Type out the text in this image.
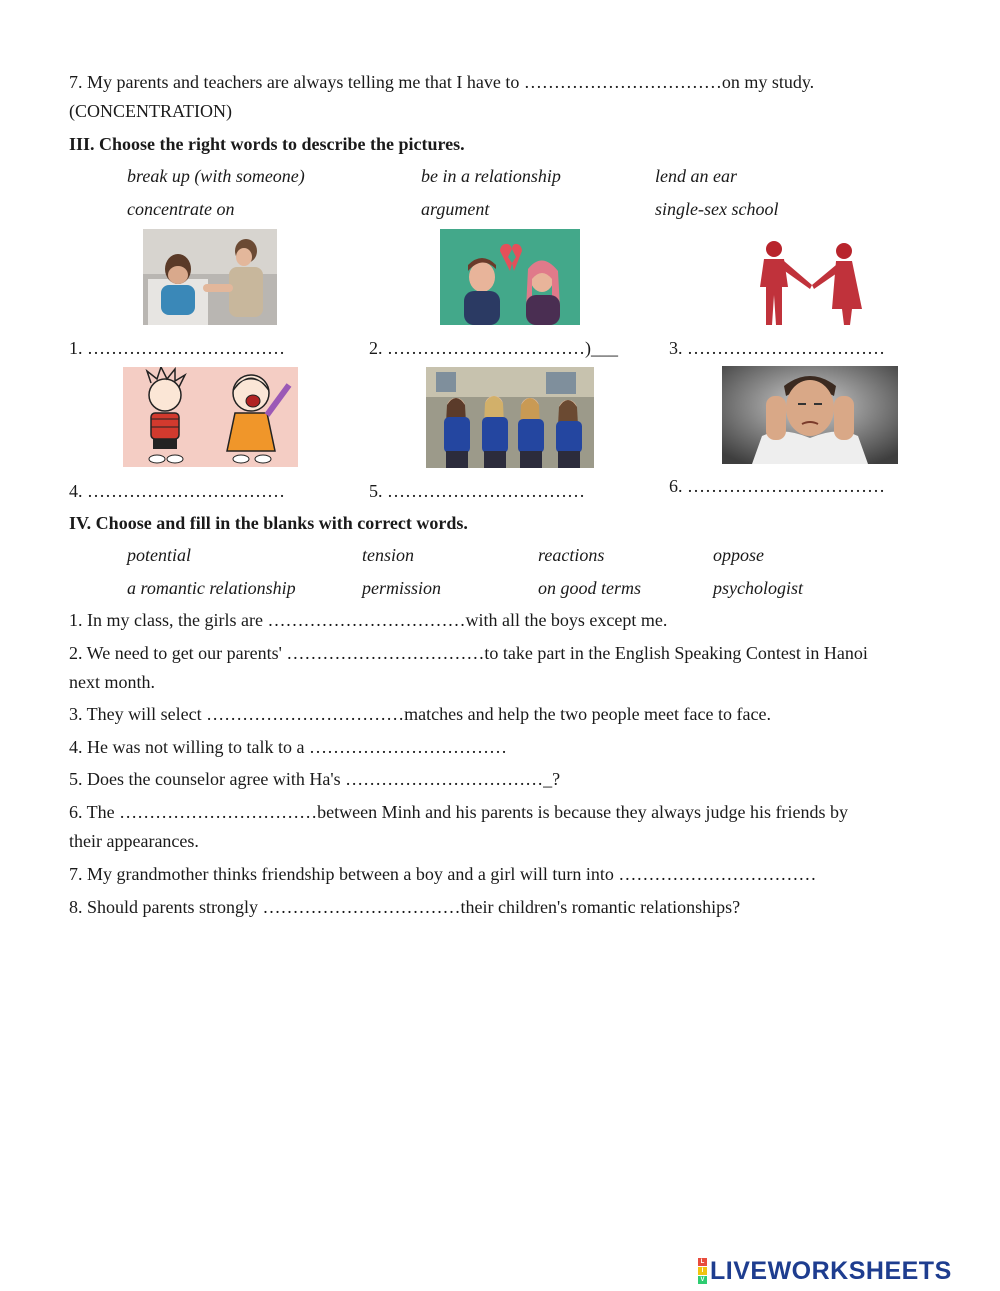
7. My parents and teachers are always telling me that I have to ……………………………on my study.
(CONCENTRATION)
III. Choose the right words to describe the pictures.
break up (with someone)	be in a relationship	lend an ear
concentrate on	argument	single-sex school
1. ……………………………	2. ……………………………)___	3. ……………………………
4. ……………………………	5. ……………………………	6. ……………………………
IV. Choose and fill in the blanks with correct words.
potential	tension	reactions	oppose
a romantic relationship	permission	on good terms	psychologist
1. In my class, the girls are ……………………………with all the boys except me.
2. We need to get our parents' ……………………………to take part in the English Speaking Contest in Hanoi
next month.
3. They will select ……………………………matches and help the two people meet face to face.
4. He was not willing to talk to a ……………………………
5. Does the counselor agree with Ha's ……………………………_?
6. The ……………………………between Minh and his parents is because they always judge his friends by
their appearances.
7. My grandmother thinks friendship between a boy and a girl will turn into ……………………………
8. Should parents strongly ……………………………their children's romantic relationships?
L
I
V LIVEWORKSHEETS
